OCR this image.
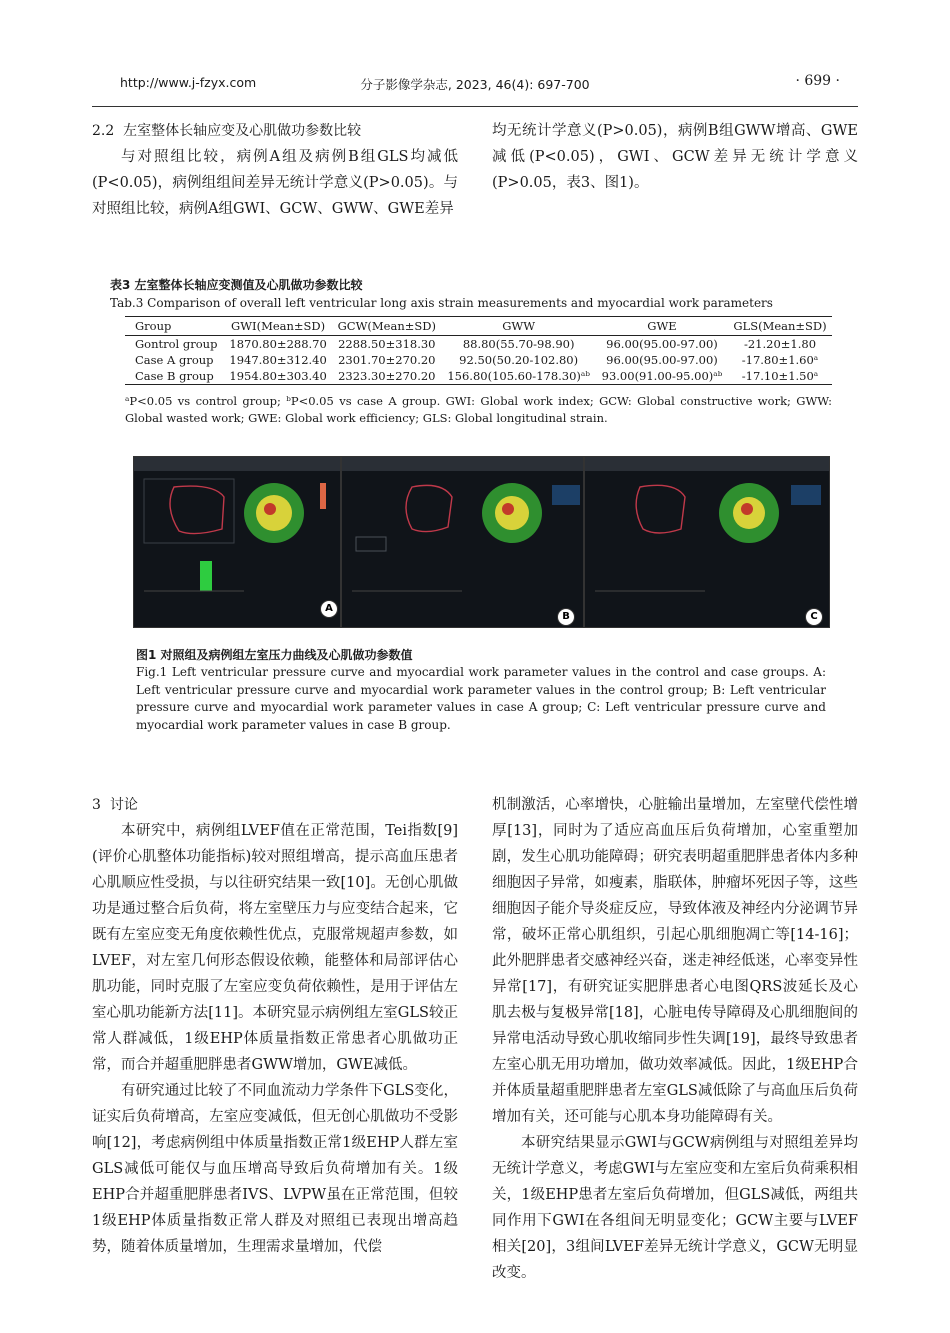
http://www.j-fzyx.com	分子影像学杂志, 2023, 46(4): 697-700	· 699 ·

2.2 左室整体长轴应变及心肌做功参数比较

与对照组比较，病例A组及病例B组GLS均减低(P<0.05)，病例组组间差异无统计学意义(P>0.05)。与对照组比较，病例A组GWI、GCW、GWW、GWE差异

均无统计学意义(P>0.05)，病例B组GWW增高、GWE减低(P<0.05)，GWI、GCW差异无统计学意义(P>0.05，表3、图1)。

表3 左室整体长轴应变测值及心肌做功参数比较
Tab.3 Comparison of overall left ventricular long axis strain measurements and myocardial work parameters
Group	GWI(Mean±SD)	GCW(Mean±SD)	GWW	GWE	GLS(Mean±SD)
Gontrol group	1870.80±288.70	2288.50±318.30	88.80(55.70-98.90)	96.00(95.00-97.00)	-21.20±1.80
Case A group	1947.80±312.40	2301.70±270.20	92.50(50.20-102.80)	96.00(95.00-97.00)	-17.80±1.60ᵃ
Case B group	1954.80±303.40	2323.30±270.20	156.80(105.60-178.30)ᵃᵇ	93.00(91.00-95.00)ᵃᵇ	-17.10±1.50ᵃ
ᵃP<0.05 vs control group; ᵇP<0.05 vs case A group. GWI: Global work index; GCW: Global constructive work; GWW: Global wasted work; GWE: Global work efficiency; GLS: Global longitudinal strain.
A
B	C
图1 对照组及病例组左室压力曲线及心肌做功参数值
Fig.1 Left ventricular pressure curve and myocardial work parameter values in the control and case groups. A: Left ventricular pressure curve and myocardial work parameter values in the control group; B: Left ventricular pressure curve and myocardial work parameter values in case A group; C: Left ventricular pressure curve and myocardial work parameter values in case B group.

3 讨论

本研究中，病例组LVEF值在正常范围，Tei指数[9](评价心肌整体功能指标)较对照组增高，提示高血压患者心肌顺应性受损，与以往研究结果一致[10]。无创心肌做功是通过整合后负荷，将左室壁压力与应变结合起来，它既有左室应变无角度依赖性优点，克服常规超声参数，如LVEF，对左室几何形态假设依赖，能整体和局部评估心肌功能，同时克服了左室应变负荷依赖性，是用于评估左室心肌功能新方法[11]。本研究显示病例组左室GLS较正常人群减低，1级EHP体质量指数正常患者心肌做功正常，而合并超重肥胖患者GWW增加，GWE减低。

有研究通过比较了不同血流动力学条件下GLS变化，证实后负荷增高，左室应变减低，但无创心肌做功不受影响[12]，考虑病例组中体质量指数正常1级EHP人群左室GLS减低可能仅与血压增高导致后负荷增加有关。1级EHP合并超重肥胖患者IVS、LVPW虽在正常范围，但较1级EHP体质量指数正常人群及对照组已表现出增高趋势，随着体质量增加，生理需求量增加，代偿

机制激活，心率增快，心脏输出量增加，左室壁代偿性增厚[13]，同时为了适应高血压后负荷增加，心室重塑加剧，发生心肌功能障碍；研究表明超重肥胖患者体内多种细胞因子异常，如瘦素，脂联体，肿瘤坏死因子等，这些细胞因子能介导炎症反应，导致体液及神经内分泌调节异常，破坏正常心肌组织，引起心肌细胞凋亡等[14-16]；此外肥胖患者交感神经兴奋，迷走神经低迷，心率变异性异常[17]，有研究证实肥胖患者心电图QRS波延长及心肌去极与复极异常[18]，心脏电传导障碍及心肌细胞间的异常电活动导致心肌收缩同步性失调[19]，最终导致患者左室心肌无用功增加，做功效率减低。因此，1级EHP合并体质量超重肥胖患者左室GLS减低除了与高血压后负荷增加有关，还可能与心肌本身功能障碍有关。

本研究结果显示GWI与GCW病例组与对照组差异均无统计学意义，考虑GWI与左室应变和左室后负荷乘积相关，1级EHP患者左室后负荷增加，但GLS减低，两组共同作用下GWI在各组间无明显变化；GCW主要与LVEF相关[20]，3组间LVEF差异无统计学意义，GCW无明显改变。
